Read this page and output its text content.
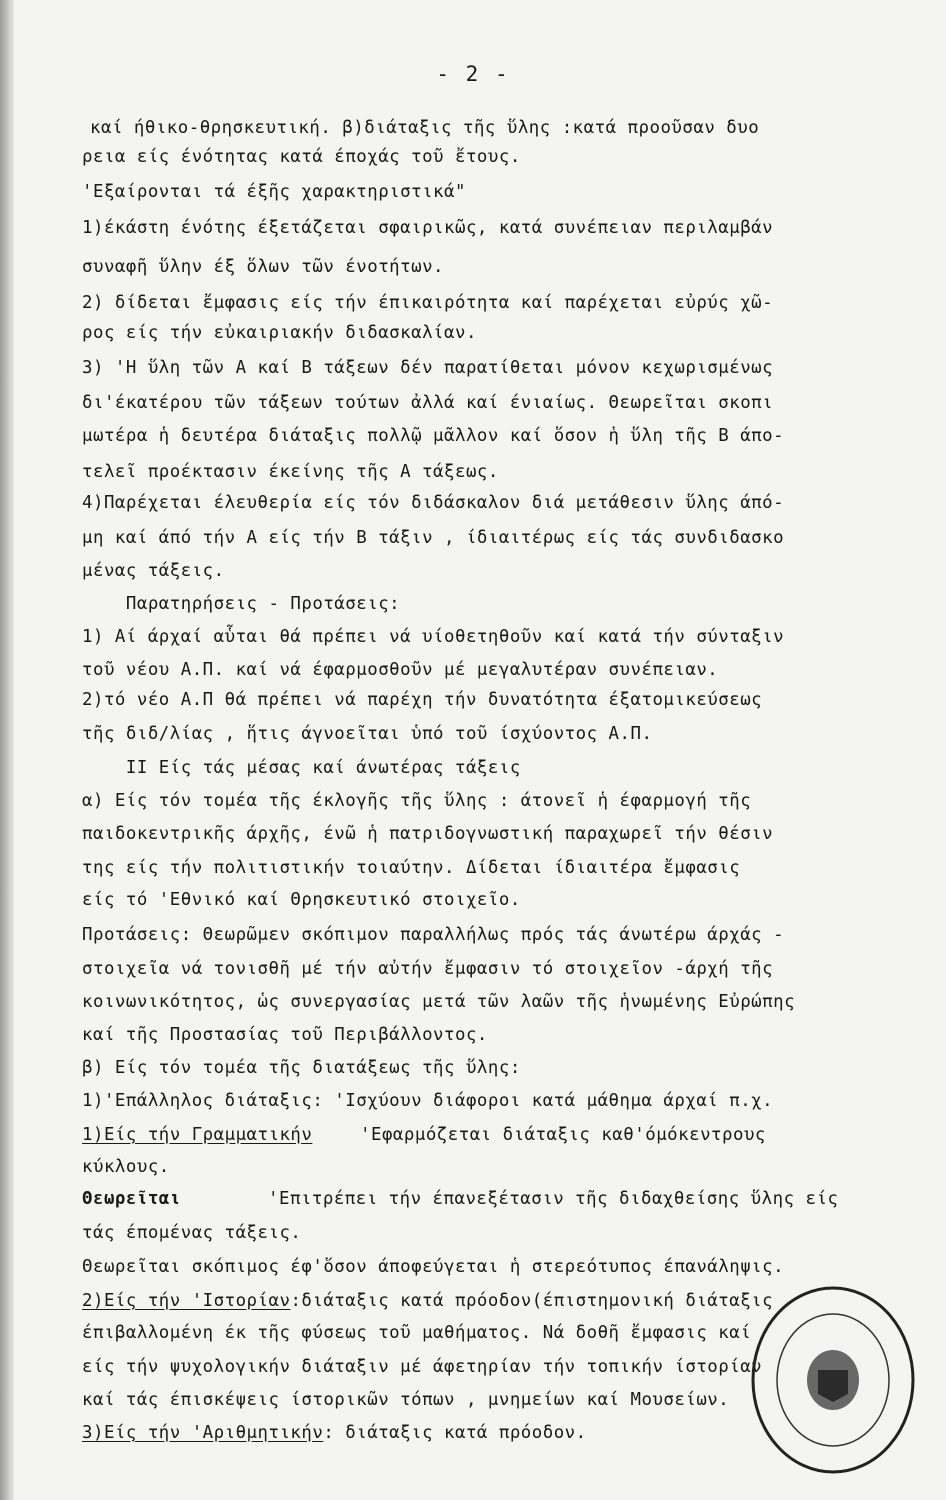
- 2 -
καί ήθικο-θρησκευτική. β)διάταξις τῆς ὕλης :κατά προοῦσαν δυο
ρεια είς ένότητας κατά έποχάς τοῦ ἔτους.
'Εξαίρονται τά έξῆς χαρακτηριστικά"
1)έκάστη ένότης έξετάζεται σφαιρικῶς, κατά συνέπειαν περιλαμβάν
συναφῆ ὕλην έξ ὅλων τῶν ένοτήτων.
2) δίδεται ἔμφασις είς τήν έπικαιρότητα καί παρέχεται εὐρύς χῶ-
ρος είς τήν εὐκαιριακήν διδασκαλίαν.
3) 'Η ὕλη τῶν Α καί Β τάξεων δέν παρατίθεται μόνον κεχωρισμένως
δι'έκατέρου τῶν τάξεων τούτων ἀλλά καί ένιαίως. Θεωρεῖται σκοπι
μωτέρα ἡ δευτέρα διάταξις πολλῷ μᾶλλον καί ὅσον ἡ ὕλη τῆς Β άπο-
τελεῖ προέκτασιν έκείνης τῆς Α τάξεως.
4)Παρέχεται έλευθερία είς τόν διδάσκαλον διά μετάθεσιν ὕλης άπό-
μη καί άπό τήν Α είς τήν Β τάξιν , ίδιαιτέρως είς τάς συνδιδασκο
μένας τάξεις.
Παρατηρήσεις - Προτάσεις:
1) Αί άρχαί αὗται θά πρέπει νά υίοθετηθοῦν καί κατά τήν σύνταξιν
τοῦ νέου Α.Π. καί νά έφαρμοσθοῦν μέ μεγαλυτέραν συνέπειαν.
2)τό νέο Α.Π θά πρέπει νά παρέχη τήν δυνατότητα έξατομικεύσεως
τῆς διδ/λίας , ἥτις άγνοεῖται ὑπό τοῦ ίσχύοντος Α.Π.
ΙΙ Είς τάς μέσας καί άνωτέρας τάξεις
α) Είς τόν τομέα τῆς έκλογῆς τῆς ὕλης : άτονεῖ ἡ έφαρμογή τῆς
παιδοκεντρικῆς άρχῆς, ένῶ ἡ πατριδογνωστική παραχωρεῖ τήν θέσιν
της είς τήν πολιτιστικήν τοιαύτην. Δίδεται ίδιαιτέρα ἔμφασις
είς τό 'Εθνικό καί Θρησκευτικό στοιχεῖο.
Προτάσεις: Θεωρῶμεν σκόπιμον παραλλήλως πρός τάς άνωτέρω άρχάς -
στοιχεῖα νά τονισθῆ μέ τήν αὐτήν ἔμφασιν τό στοιχεῖον -άρχή τῆς
κοινωνικότητος, ὡς συνεργασίας μετά τῶν λαῶν τῆς ἡνωμένης Εὐρώπης
καί τῆς Προστασίας τοῦ Περιβάλλοντος.
β) Είς τόν τομέα τῆς διατάξεως τῆς ὕλης:
1)'Επάλληλος διάταξις: 'Ισχύουν διάφοροι κατά μάθημα άρχαί π.χ.
1)Είς τήν Γραμματικήν	'Εφαρμόζεται διάταξις καθ'όμόκεντρους
κύκλους.
Θεωρεῖται	'Επιτρέπει τήν έπανεξέτασιν τῆς διδαχθείσης ὕλης είς
τάς έπομένας τάξεις.
Θεωρεῖται σκόπιμος έφ'ὅσον άποφεύγεται ἡ στερεότυπος έπανάληψις.
2)Είς τήν 'Ιστορίαν:διάταξις κατά πρόοδον(έπιστημονική διάταξις
έπιβαλλομένη έκ τῆς φύσεως τοῦ μαθήματος. Νά δοθῆ ἔμφασις καί
είς τήν ψυχολογικήν διάταξιν μέ άφετηρίαν τήν τοπικήν ίστορίαν
καί τάς έπισκέψεις ίστορικῶν τόπων , μνημείων καί Μουσείων.
3)Είς τήν 'Αριθμητικήν: διάταξις κατά πρόοδον.
